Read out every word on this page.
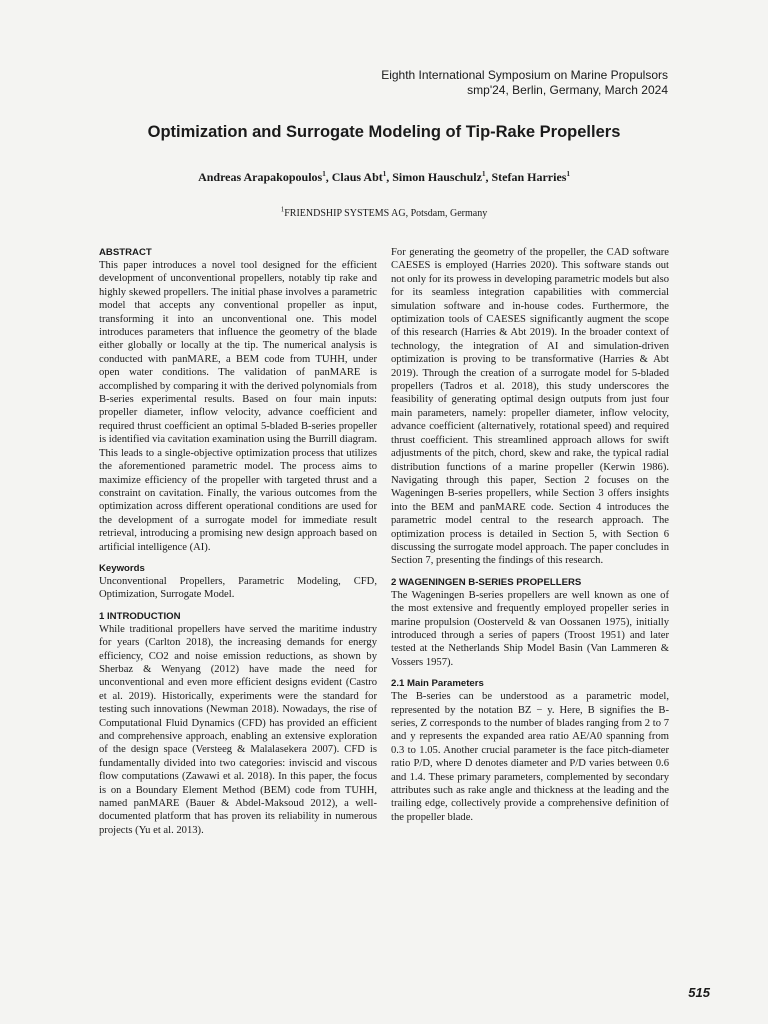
Eighth International Symposium on Marine Propulsors
smp'24, Berlin, Germany, March 2024
Optimization and Surrogate Modeling of Tip-Rake Propellers
Andreas Arapakopoulos$^1$, Claus Abt$^1$, Simon Hauschulz$^1$, Stefan Harries$^1$
$^1$FRIENDSHIP SYSTEMS AG, Potsdam, Germany
ABSTRACT

This paper introduces a novel tool designed for the efficient development of unconventional propellers, notably tip rake and highly skewed propellers. The initial phase involves a parametric model that accepts any conventional propeller as input, transforming it into an unconventional one. This model introduces parameters that influence the geometry of the blade either globally or locally at the tip. The numerical analysis is conducted with panMARE, a BEM code from TUHH, under open water conditions. The validation of panMARE is accomplished by comparing it with the derived polynomials from B-series experimental results. Based on four main inputs: propeller diameter, inflow velocity, advance coefficient and required thrust coefficient an optimal 5-bladed B-series propeller is identified via cavitation examination using the Burrill diagram. This leads to a single-objective optimization process that utilizes the aforementioned parametric model. The process aims to maximize efficiency of the propeller with targeted thrust and a constraint on cavitation. Finally, the various outcomes from the optimization across different operational conditions are used for the development of a surrogate model for immediate result retrieval, introducing a promising new design approach based on artificial intelligence (AI).

Keywords

Unconventional Propellers, Parametric Modeling, CFD, Optimization, Surrogate Model.

1 INTRODUCTION

While traditional propellers have served the maritime industry for years (Carlton 2018), the increasing demands for energy efficiency, CO2 and noise emission reductions, as shown by Sherbaz & Wenyang (2012) have made the need for unconventional and even more efficient designs evident (Castro et al. 2019). Historically, experiments were the standard for testing such innovations (Newman 2018). Nowadays, the rise of Computational Fluid Dynamics (CFD) has provided an efficient and comprehensive approach, enabling an extensive exploration of the design space (Versteeg & Malalasekera 2007). CFD is fundamentally divided into two categories: inviscid and viscous flow computations (Zawawi et al. 2018). In this paper, the focus is on a Boundary Element Method (BEM) code from TUHH, named panMARE (Bauer & Abdel-Maksoud 2012), a well-documented platform that has proven its reliability in numerous projects (Yu et al. 2013).

For generating the geometry of the propeller, the CAD software CAESES is employed (Harries 2020). This software stands out not only for its prowess in developing parametric models but also for its seamless integration capabilities with commercial simulation software and in-house codes. Furthermore, the optimization tools of CAESES significantly augment the scope of this research (Harries & Abt 2019). In the broader context of technology, the integration of AI and simulation-driven optimization is proving to be transformative (Harries & Abt 2019). Through the creation of a surrogate model for 5-bladed propellers (Tadros et al. 2018), this study underscores the feasibility of generating optimal design outputs from just four main parameters, namely: propeller diameter, inflow velocity, advance coefficient (alternatively, rotational speed) and required thrust coefficient. This streamlined approach allows for swift adjustments of the pitch, chord, skew and rake, the typical radial distribution functions of a marine propeller (Kerwin 1986). Navigating through this paper, Section 2 focuses on the Wageningen B-series propellers, while Section 3 offers insights into the BEM and panMARE code. Section 4 introduces the parametric model central to the research approach. The optimization process is detailed in Section 5, with Section 6 discussing the surrogate model approach. The paper concludes in Section 7, presenting the findings of this research.

2 WAGENINGEN B-SERIES PROPELLERS

The Wageningen B-series propellers are well known as one of the most extensive and frequently employed propeller series in marine propulsion (Oosterveld & van Oossanen 1975), initially introduced through a series of papers (Troost 1951) and later tested at the Netherlands Ship Model Basin (Van Lammeren & Vossers 1957).

2.1 Main Parameters

The B-series can be understood as a parametric model, represented by the notation BZ − y. Here, B signifies the B-series, Z corresponds to the number of blades ranging from 2 to 7 and y represents the expanded area ratio AE/A0 spanning from 0.3 to 1.05. Another crucial parameter is the face pitch-diameter ratio P/D, where D denotes diameter and P/D varies between 0.6 and 1.4. These primary parameters, complemented by secondary attributes such as rake angle and thickness at the leading and the trailing edge, collectively provide a comprehensive definition of the propeller blade.

515
